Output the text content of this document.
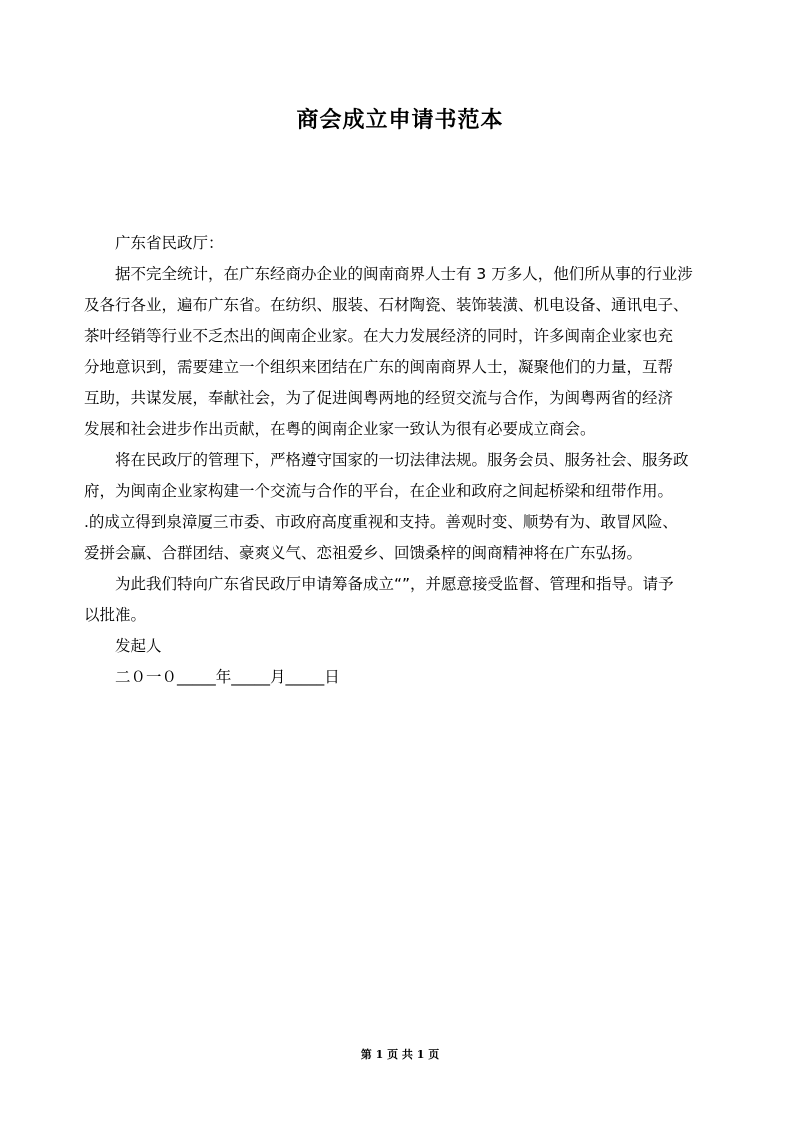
商会成立申请书范本
广东省民政厅：
据不完全统计，在广东经商办企业的闽南商界人士有 3 万多人，他们所从事的行业涉
及各行各业，遍布广东省。在纺织、服装、石材陶瓷、装饰装潢、机电设备、通讯电子、
茶叶经销等行业不乏杰出的闽南企业家。在大力发展经济的同时，许多闽南企业家也充
分地意识到，需要建立一个组织来团结在广东的闽南商界人士，凝聚他们的力量，互帮
互助，共谋发展，奉献社会，为了促进闽粤两地的经贸交流与合作，为闽粤两省的经济
发展和社会进步作出贡献，在粤的闽南企业家一致认为很有必要成立商会。
将在民政厅的管理下，严格遵守国家的一切法律法规。服务会员、服务社会、服务政
府，为闽南企业家构建一个交流与合作的平台，在企业和政府之间起桥梁和纽带作用。
.的成立得到泉漳厦三市委、市政府高度重视和支持。善观时变、顺势有为、敢冒风险、
爱拼会赢、合群团结、豪爽义气、恋祖爱乡、回馈桑梓的闽商精神将在广东弘扬。
为此我们特向广东省民政厅申请筹备成立“”，并愿意接受监督、管理和指导。请予
以批准。
发起人
二０一０_____年_____月_____日
第 1 页 共 1 页
